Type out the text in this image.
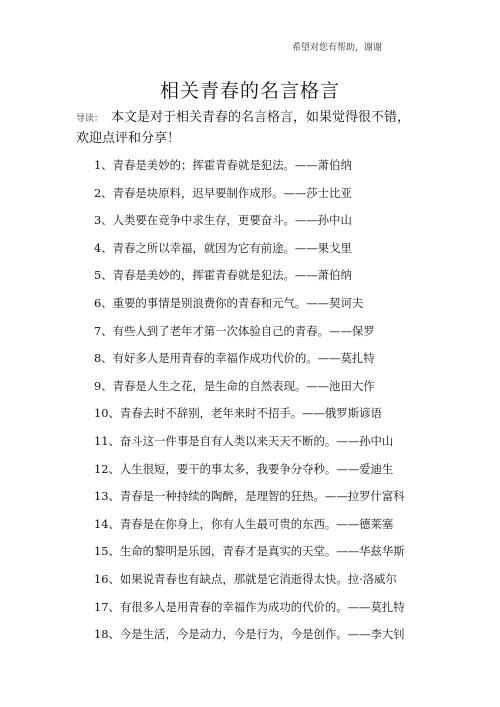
希望对您有帮助，谢谢
相关青春的名言格言
导读： 本文是对于相关青春的名言格言，如果觉得很不错，欢迎点评和分享！
1、青春是美妙的；挥霍青春就是犯法。——萧伯纳
2、青春是块原料，迟早要制作成形。——莎士比亚
3、人类要在竞争中求生存，更要奋斗。——孙中山
4、青春之所以幸福，就因为它有前途。——果戈里
5、青春是美妙的，挥霍青春就是犯法。——萧伯纳
6、重要的事情是别浪费你的青春和元气。——契诃夫
7、有些人到了老年才第一次体验自己的青春。——保罗
8、有好多人是用青春的幸福作成功代价的。——莫扎特
9、青春是人生之花，是生命的自然表现。——池田大作
10、青春去时不辞别，老年来时不招手。——俄罗斯谚语
11、奋斗这一件事是自有人类以来天天不断的。——孙中山
12、人生很短，要干的事太多，我要争分夺秒。——爱迪生
13、青春是一种持续的陶醉，是理智的狂热。——拉罗什富科
14、青春是在你身上，你有人生最可贵的东西。——德莱塞
15、生命的黎明是乐园，青春才是真实的天堂。——华兹华斯
16、如果说青春也有缺点，那就是它消逝得太快。拉·洛威尔
17、有很多人是用青春的幸福作为成功的代价的。——莫扎特
18、今是生活，今是动力，今是行为，今是创作。——李大钊
